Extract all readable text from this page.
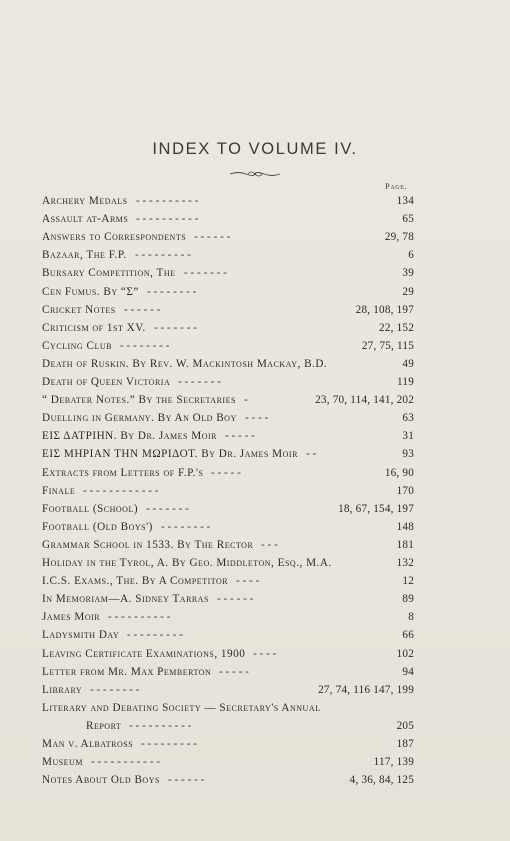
INDEX TO VOLUME IV.
Page.
Archery Medals	134
- - - - - - - - - -
Assault at-Arms	65
- - - - - - - - - -
Answers to Correspondents	29, 78
- - - - - -
Bazaar, The F.P.	6
- - - - - - - - -
Bursary Competition, The	39
- - - - - - -
Cen Fumus. By “Σ”	29
- - - - - - - -
Cricket Notes	28, 108, 197
- - - - - -
Criticism of 1st XV.	22, 152
- - - - - - -
Cycling Club	27, 75, 115
- - - - - - - -
Death of Ruskin. By Rev. W. Mackintosh Mackay, B.D.	49
Death of Queen Victoria	119
- - - - - - -
“ Debater Notes.” By the Secretaries	23, 70, 114, 141, 202
-
Duelling in Germany. By An Old Boy	63
- - - -
ΕΙΣ ΔΑΤΡΙΗΝ. By Dr. James Moir	31
- - - - -
ΕΙΣ ΜΗΡΙΑΝ ΤΗΝ ΜΩΡΙΔΟΤ. By Dr. James Moir	93
- -
Extracts from Letters of F.P.'s	16, 90
- - - - -
Finale	170
- - - - - - - - - - - -
Football (School)	18, 67, 154, 197
- - - - - - -
Football (Old Boys')	148
- - - - - - - -
Grammar School in 1533. By The Rector	181
- - -
Holiday in the Tyrol, A. By Geo. Middleton, Esq., M.A.	132
I.C.S. Exams., The. By A Competitor	12
- - - -
In Memoriam—A. Sidney Tarras	89
- - - - - -
James Moir	8
- - - - - - - - - -
Ladysmith Day	66
- - - - - - - - -
Leaving Certificate Examinations, 1900	102
- - - -
Letter from Mr. Max Pemberton	94
- - - - -
Library	27, 74, 116 147, 199
- - - - - - - -
Literary and Debating Society — Secretary's Annual
Report	205
- - - - - - - - - -
Man v. Albatross	187
- - - - - - - - -
Museum	117, 139
- - - - - - - - - - -
Notes About Old Boys	4, 36, 84, 125
- - - - - -
